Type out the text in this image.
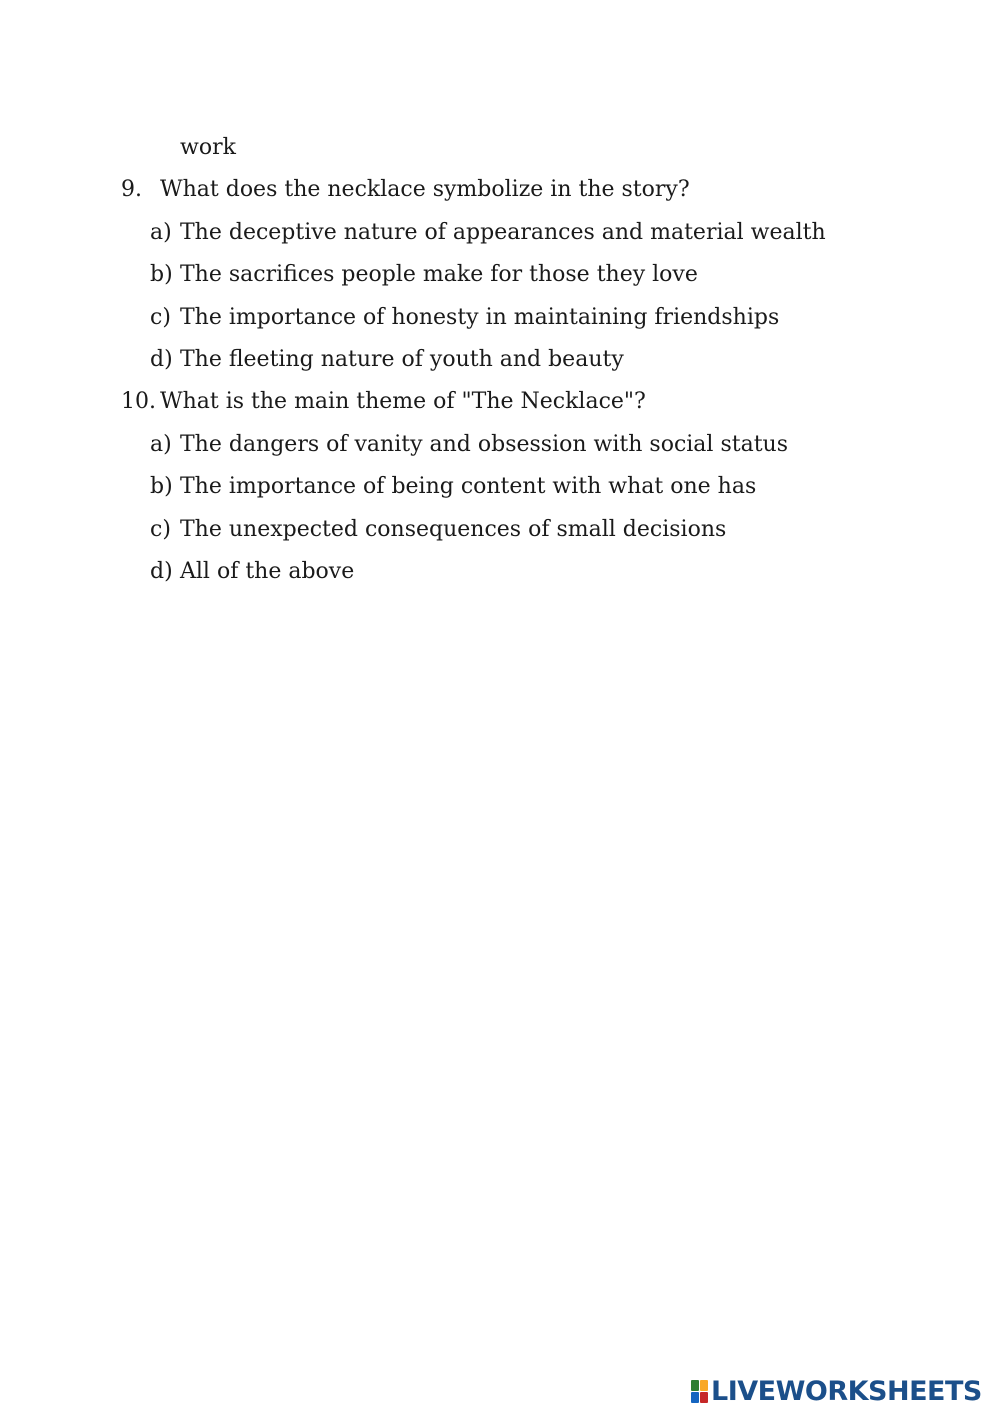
work
9. What does the necklace symbolize in the story?
a) The deceptive nature of appearances and material wealth
b) The sacrifices people make for those they love
c) The importance of honesty in maintaining friendships
d) The fleeting nature of youth and beauty
10. What is the main theme of "The Necklace"?
a) The dangers of vanity and obsession with social status
b) The importance of being content with what one has
c) The unexpected consequences of small decisions
d) All of the above
LIVEWORKSHEETS
